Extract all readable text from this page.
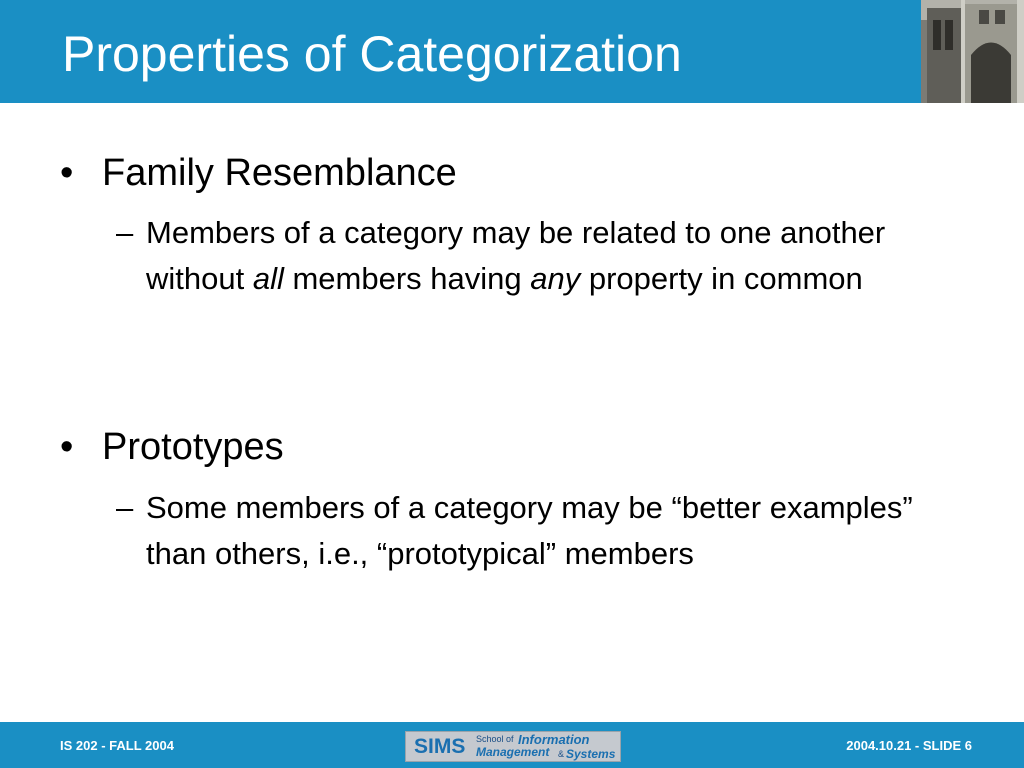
Properties of Categorization
• Family Resemblance
– Members of a category may be related to one another without all members having any property in common
• Prototypes
– Some members of a category may be “better examples” than others, i.e., “prototypical” members
IS 202 - FALL 2004	SIMS School of Information
Management & Systems
2004.10.21 - SLIDE 6
